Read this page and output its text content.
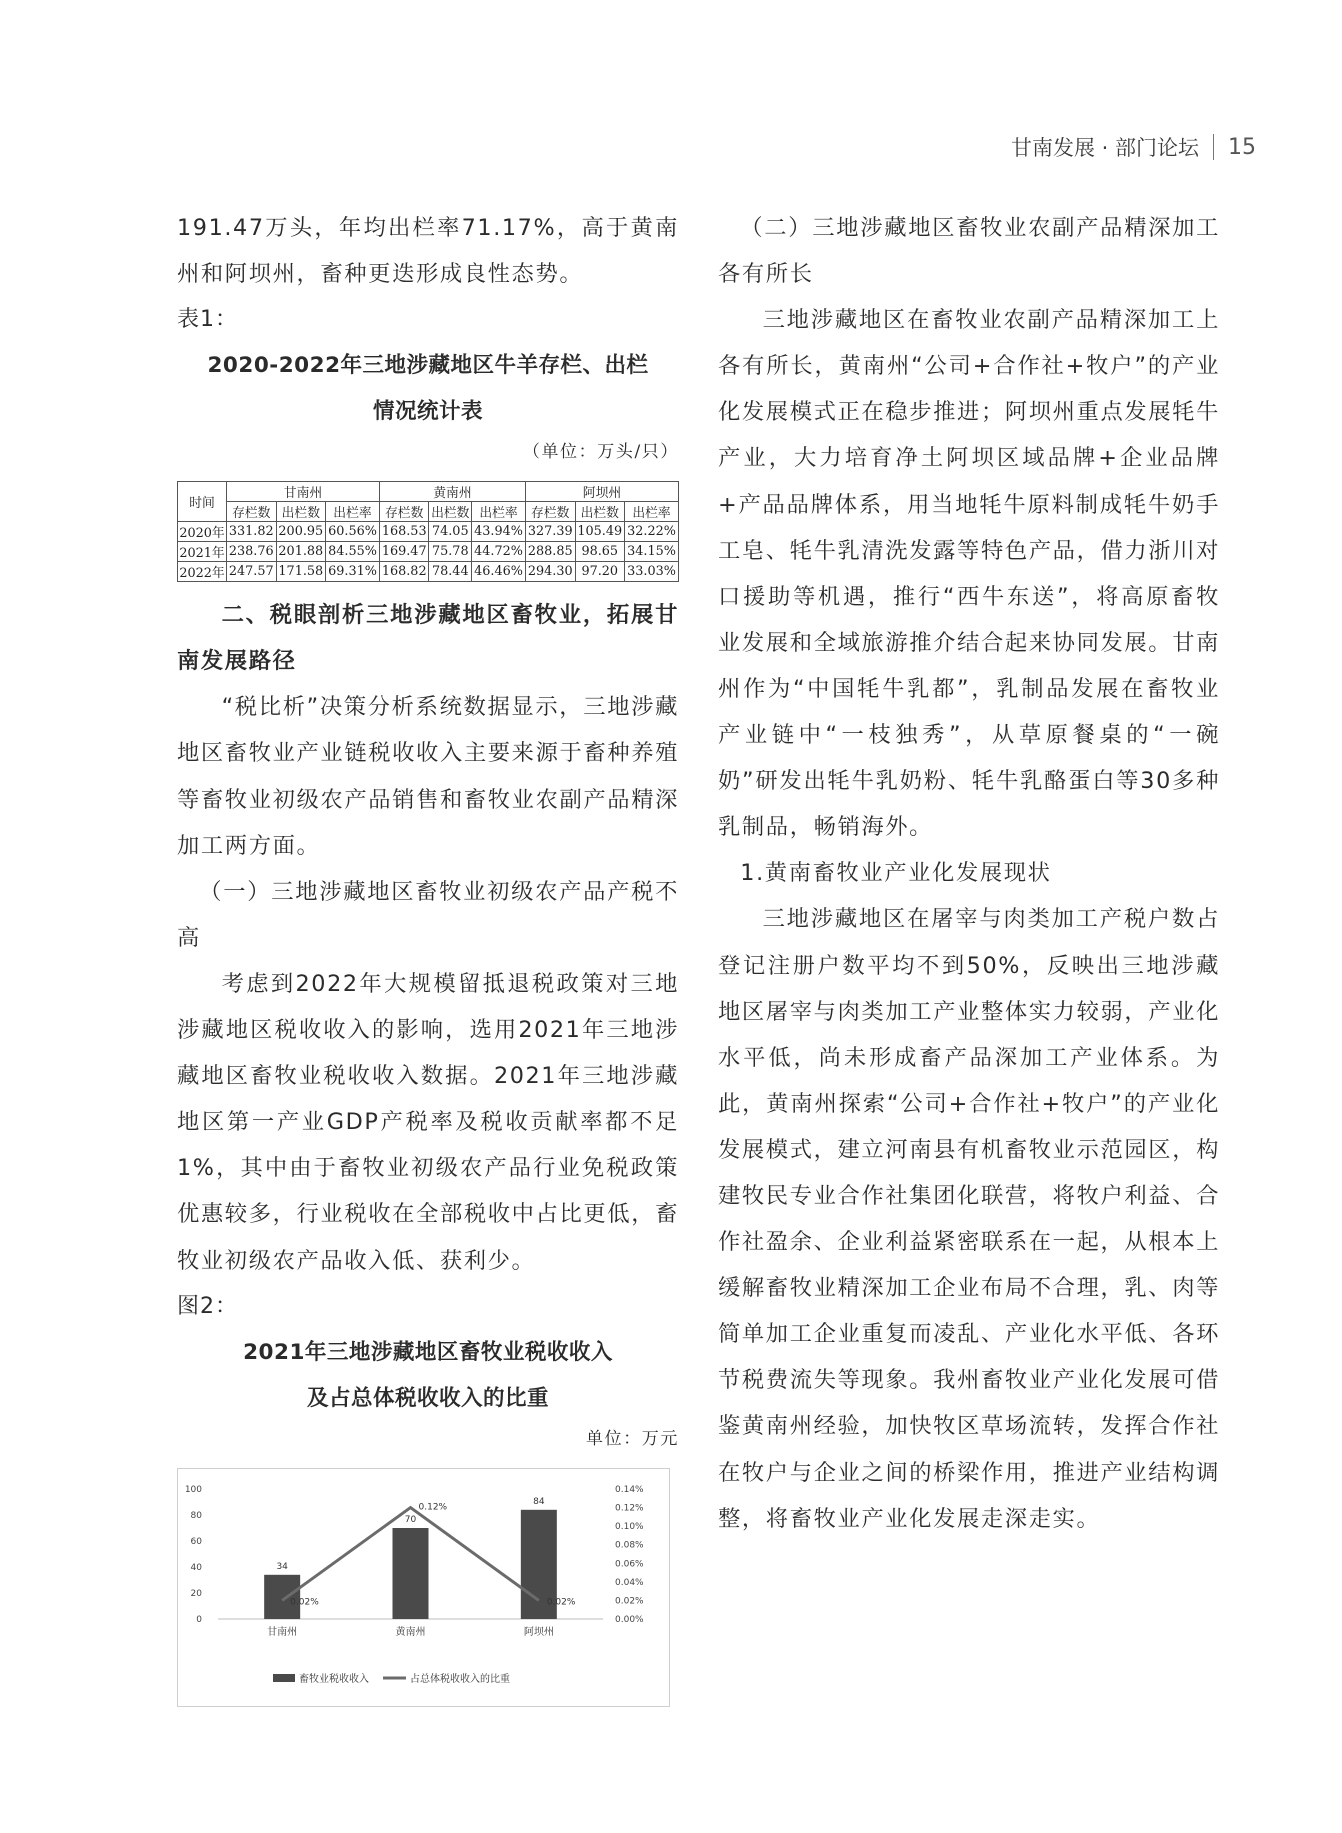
甘南发展 · 部门论坛 15

191.47万头，年均出栏率71.17%，高于黄南州和阿坝州，畜种更迭形成良性态势。

表1：

2020-2022年三地涉藏地区牛羊存栏、出栏

情况统计表

（单位：万头/只）

时间	甘南州			黄南州			阿坝州		
	存栏数	出栏数	出栏率	存栏数	出栏数	出栏率	存栏数	出栏数	出栏率
2020年	331.82	200.95	60.56%	168.53	74.05	43.94%	327.39	105.49	32.22%
2021年	238.76	201.88	84.55%	169.47	75.78	44.72%	288.85	98.65	34.15%
2022年	247.57	171.58	69.31%	168.82	78.44	46.46%	294.30	97.20	33.03%

二、税眼剖析三地涉藏地区畜牧业，拓展甘南发展路径

“税比析”决策分析系统数据显示，三地涉藏地区畜牧业产业链税收收入主要来源于畜种养殖等畜牧业初级农产品销售和畜牧业农副产品精深加工两方面。

（一）三地涉藏地区畜牧业初级农产品产税不高

考虑到2022年大规模留抵退税政策对三地涉藏地区税收收入的影响，选用2021年三地涉藏地区畜牧业税收收入数据。2021年三地涉藏地区第一产业GDP产税率及税收贡献率都不足1%，其中由于畜牧业初级农产品行业免税政策优惠较多，行业税收在全部税收中占比更低，畜牧业初级农产品收入低、获利少。

图2：

2021年三地涉藏地区畜牧业税收收入

及占总体税收收入的比重

单位：万元

0
20
40
60
80
100
0.00%
0.02%
0.04%
0.06%
0.08%
0.10%
0.12%
0.14%
34
甘南州
70
黄南州
84
阿坝州
0.02%
0.12%
0.02%
畜牧业税收收入	占总体税收收入的比重

（二）三地涉藏地区畜牧业农副产品精深加工各有所长

三地涉藏地区在畜牧业农副产品精深加工上各有所长，黄南州“公司+合作社+牧户”的产业化发展模式正在稳步推进；阿坝州重点发展牦牛产业，大力培育净土阿坝区域品牌+企业品牌+产品品牌体系，用当地牦牛原料制成牦牛奶手工皂、牦牛乳清洗发露等特色产品，借力浙川对口援助等机遇，推行“西牛东送”，将高原畜牧业发展和全域旅游推介结合起来协同发展。甘南州作为“中国牦牛乳都”，乳制品发展在畜牧业产业链中“一枝独秀”，从草原餐桌的“一碗奶”研发出牦牛乳奶粉、牦牛乳酪蛋白等30多种乳制品，畅销海外。

1.黄南畜牧业产业化发展现状

三地涉藏地区在屠宰与肉类加工产税户数占登记注册户数平均不到50%，反映出三地涉藏地区屠宰与肉类加工产业整体实力较弱，产业化水平低，尚未形成畜产品深加工产业体系。为此，黄南州探索“公司+合作社+牧户”的产业化发展模式，建立河南县有机畜牧业示范园区，构建牧民专业合作社集团化联营，将牧户利益、合作社盈余、企业利益紧密联系在一起，从根本上缓解畜牧业精深加工企业布局不合理，乳、肉等简单加工企业重复而凌乱、产业化水平低、各环节税费流失等现象。我州畜牧业产业化发展可借鉴黄南州经验，加快牧区草场流转，发挥合作社在牧户与企业之间的桥梁作用，推进产业结构调整，将畜牧业产业化发展走深走实。
